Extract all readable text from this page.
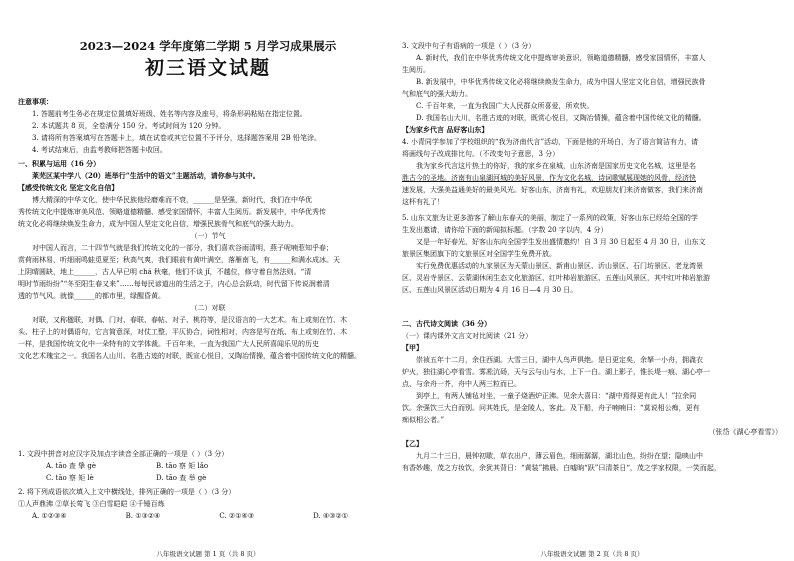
2023—2024 学年度第二学期 5 月学习成果展示
初三语文试题

注意事项：

1. 答题前考生务必在规定位置填好班级、姓名等内容及座号，将条形码粘贴在指定位置。

2. 本试题共 8 页，全卷满分 150 分。考试时间为 120 分钟。

3. 请将所有答案填写在答题卡上，填在试卷或其它位置不予评分，选择题答案用 2B 铅笔涂。

4. 考试结束后，由监考教师把答题卡收回。

一、积累与运用（16 分）

莱芜区某中学八（20）班举行“生活中的语文”主题活动，请你参与其中。

【感受传统文化 坚定文化自信】

博大精深的中华文化，使中华民族他经磨难而不衰，______是坚强，新时代，我们在中华优

秀传统文化中提炼审美风范、领略道德精髓、感受家国情怀，丰富人生阅历。新发展中，中华优秀传

统文化必将继续焕发生命力，成为中国人坚定文化自信，增强民族骨气和底气的强大助力。

（一）节气

对中国人而言，二十四节气就是我们传统文化的一部分，我们喜欢谷雨清明，燕子呢喃惹知乎春；

赏荷雨林易，听细雨鸣蛙觅夏至；秋高气爽，我们眼前有黄叶满空，落雁南飞，有______和满水成冰。天

上阴晴圆缺，地上______，古人早已明 chá 秋毫，他们不谈 jǐ，不越位，修守着自然法则。“清

明时节雨纷纷”“冬至阳生春又来”……每每民谚道出的生活之于，内心总会跃动，时代留下传说润着清

透的节气风。就像______的都市里，绿醒昏黄。

（二）对联

对联，又称楹联，对偶、门对、春联、春帖、对子、桃符等，是汉语言的一大艺术。布上或刻在竹、木

头、柱子上的对偶语句，它言简意深，对仗工整，平仄协合，词性相对，内容是写在纸、布上或刻在竹、木

一样，是我国传统文化中一朵特有的文学体裁。千百年来，一直为我国广大人民所喜闻乐见的历史

文化艺术瑰宝之一。我国名人山川、名胜古迹的对联，既宣心悦目，又陶冶情操，蕴含着中国传统文化的精髓。

1. 文段中拼音对应汉字及加点字读音全部正确的一项是（ ）（3 分）

A. tāo 查 挚 gè	B. tāo 察 矩 lǎo

C. tāo 察 矩 lè	D. tāo 查 举 gè

2. 将下列成语依次填入上文中横线处，排列正确的一项是（ ）（3 分）

①人声鼎沸 ②草长莺飞 ③白雪皑皑 ④千锤百炼

A. ①②③④	B. ①③②④	C. ②①④③	D. ④③②①

八年级语文试题 第 1 页（共 8 页）

3. 文段中句子有语病的一项是（ ）（3 分）

A. 新时代，我们在中华优秀传统文化中提炼审美意识，领略道德精髓，感受家国情怀，丰富人

生阅历。

B. 新发展中，中华优秀传统文化必将继续焕发生命力，成为中国人坚定文化自信，增强民族骨

气和底气的强大助力。

C. 千百年来，一直为我国广大人民群众所喜爱，所欢快。

D. 我国名山大川，名胜古迹的对联，既赏心悦目，又陶冶情操，蕴含着中国传统文化的精髓。

【为家乡代言 品好客山东】

4. 小青同学参加了学校组织的“我为济南代言”活动，下面是他的开场白，为了语言简洁有力，请

将画线句子改成排比句。（不改变句子意思，3 分）

我为家乡代言这片热土的你好，我的家乡在泉城，山东济南是国家历史文化名城，这里是名

胜古今的圣地。济南有山泉湖河城的美好风景，作为文化名城，诗词歌赋展现她的风骨，经济快

速发展，大强美益通美好的最美风光。好客山东，济南有礼，欢迎朋友们来济南做客，我们来济南

这杯有礼了！

5. 山东文旅为让更多游客了解山东春天的美丽，制定了一系列的政策，好客山东已经给全国的学

生发出邀请，请你给下面的新闻拟标题。（字数 20 字以内，4 分）

又是一年好春光，好客山东向全国学生发出盛情邀约！自 3 月 30 日起至 4 月 30 日，山东文

旅景区集团旗下的文旅景区对全国学生免费开放。

实行免费优惠活动的九家景区为天蒙山景区、新甫山景区、沂山景区、石门坊景区、老龙湾景

区、灵岩寺景区、云蒙湖休闲生态文化旅游区、红叶柿岩旅游区、五莲山风景区，其中红叶柿岩旅游

区、五莲山风景区活动日期为 4 月 16 日—4 月 30 日。

二、古代诗文阅读（36 分）

（一）课内课外文言文对比阅读（21 分）

【甲】

崇祯五年十二月，余住西湖。大雪三日，湖中人鸟声俱绝。是日更定矣，余拏一小舟，拥毳衣

炉火，独往湖心亭看雪。雾凇沆砀，天与云与山与水，上下一白。湖上影子，惟长堤一痕、湖心亭一

点、与余舟一芥，舟中人两三粒而已。

到亭上，有两人铺毡对坐，一童子烧酒炉正沸。见余大喜曰：“湖中焉得更有此人！”拉余同

饮。余强饮三大白而别。问其姓氏，是金陵人，客此。及下船，舟子喃喃曰：“莫说相公痴，更有

痴似相公者。”

（张岱《湖心亭看雪》）

【乙】

九月二十三日，晨钟初歇，草衣出户，薄云眉色，细雨潺潺，湖北山色，纷纷在望；隐映山中

有香妙趣，茂之方妆饮，余犹其背日：“黄装”拂晨、白嘘晌“跃”曰清茶日“，茂之学家权限，一笑而起，

八年级语文试题 第 2 页（共 8 页）
